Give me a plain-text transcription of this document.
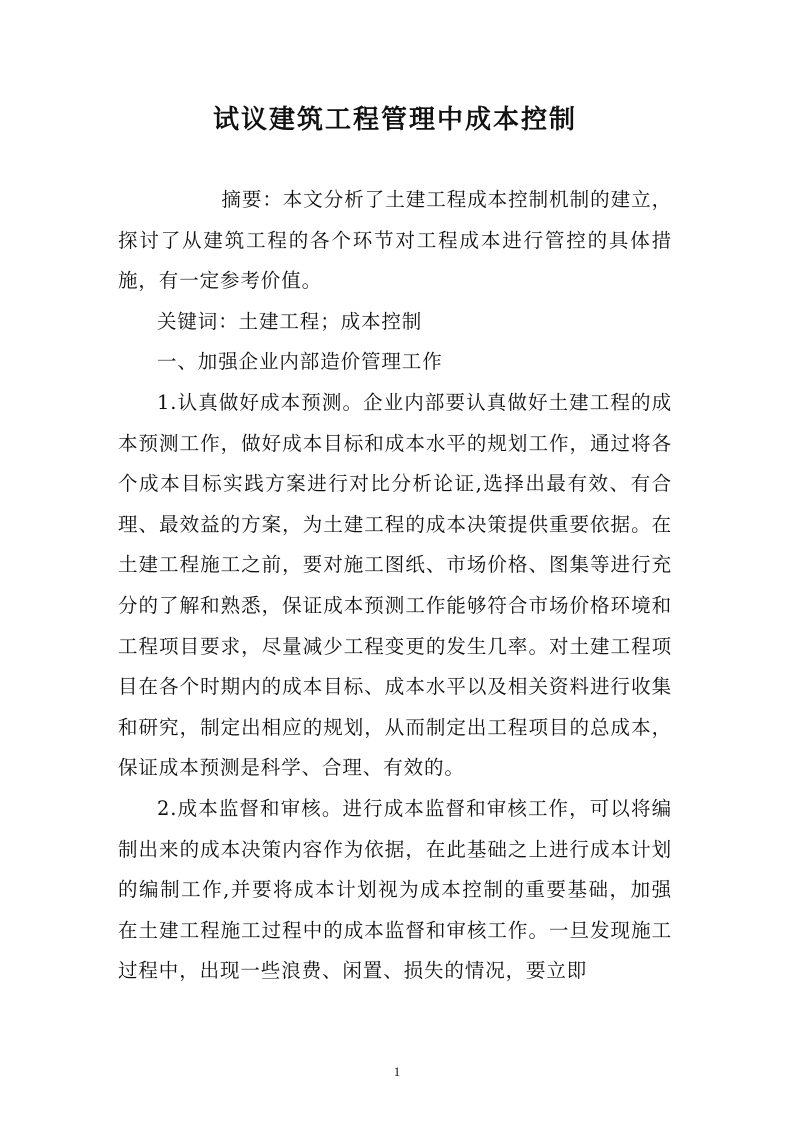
试议建筑工程管理中成本控制

摘要：本文分析了土建工程成本控制机制的建立，探讨了从建筑工程的各个环节对工程成本进行管控的具体措施，有一定参考价值。

关键词：土建工程；成本控制

一、加强企业内部造价管理工作

1.认真做好成本预测。企业内部要认真做好土建工程的成本预测工作，做好成本目标和成本水平的规划工作，通过将各个成本目标实践方案进行对比分析论证,选择出最有效、有合理、最效益的方案，为土建工程的成本决策提供重要依据。在土建工程施工之前，要对施工图纸、市场价格、图集等进行充分的了解和熟悉，保证成本预测工作能够符合市场价格环境和工程项目要求，尽量减少工程变更的发生几率。对土建工程项目在各个时期内的成本目标、成本水平以及相关资料进行收集和研究，制定出相应的规划，从而制定出工程项目的总成本，保证成本预测是科学、合理、有效的。

2.成本监督和审核。进行成本监督和审核工作，可以将编制出来的成本决策内容作为依据，在此基础之上进行成本计划的编制工作,并要将成本计划视为成本控制的重要基础，加强在土建工程施工过程中的成本监督和审核工作。一旦发现施工过程中，出现一些浪费、闲置、损失的情况，要立即

1
